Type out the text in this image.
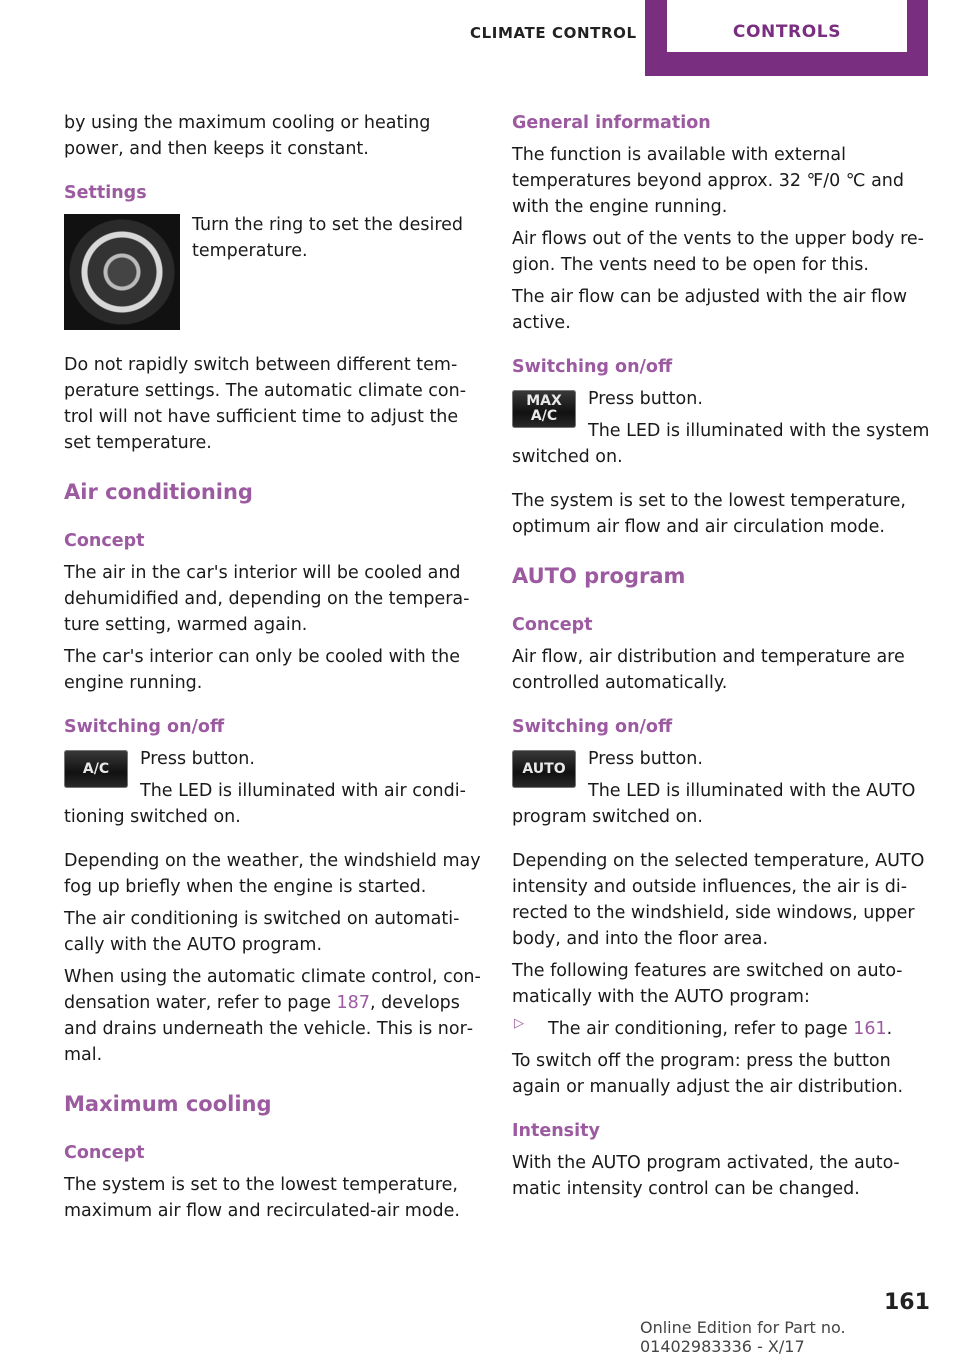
CLIMATE CONTROL	CONTROLS

by using the maximum cooling or heating power, and then keeps it constant.

Settings

Turn the ring to set the desired temperature.

Do not rapidly switch between different temperature settings. The automatic climate control will not have sufficient time to adjust the set temperature.

Air conditioning
Concept

The air in the car's interior will be cooled and dehumidified and, depending on the temperature setting, warmed again.

The car's interior can only be cooled with the engine running.

Switching on/off
A/C	Press button.

The LED is illuminated with air conditioning switched on.

Depending on the weather, the windshield may fog up briefly when the engine is started.

The air conditioning is switched on automatically with the AUTO program.

When using the automatic climate control, condensation water, refer to page 187, develops and drains underneath the vehicle. This is normal.

Maximum cooling
Concept

The system is set to the lowest temperature, maximum air flow and recirculated-air mode.

General information

The function is available with external temperatures beyond approx. 32 ℉/0 ℃ and with the engine running.

Air flows out of the vents to the upper body region. The vents need to be open for this.

The air flow can be adjusted with the air flow active.

Switching on/off
MAX
A/C

Press button.

The LED is illuminated with the system switched on.

The system is set to the lowest temperature, optimum air flow and air circulation mode.

AUTO program
Concept

Air flow, air distribution and temperature are controlled automatically.

Switching on/off
AUTO	Press button.

The LED is illuminated with the AUTO program switched on.

Depending on the selected temperature, AUTO intensity and outside influences, the air is directed to the windshield, side windows, upper body, and into the floor area.

The following features are switched on automatically with the AUTO program:

▷	The air conditioning, refer to page 161.

To switch off the program: press the button again or manually adjust the air distribution.

Intensity

With the AUTO program activated, the automatic intensity control can be changed.

161
Online Edition for Part no. 01402983336 - X/17
